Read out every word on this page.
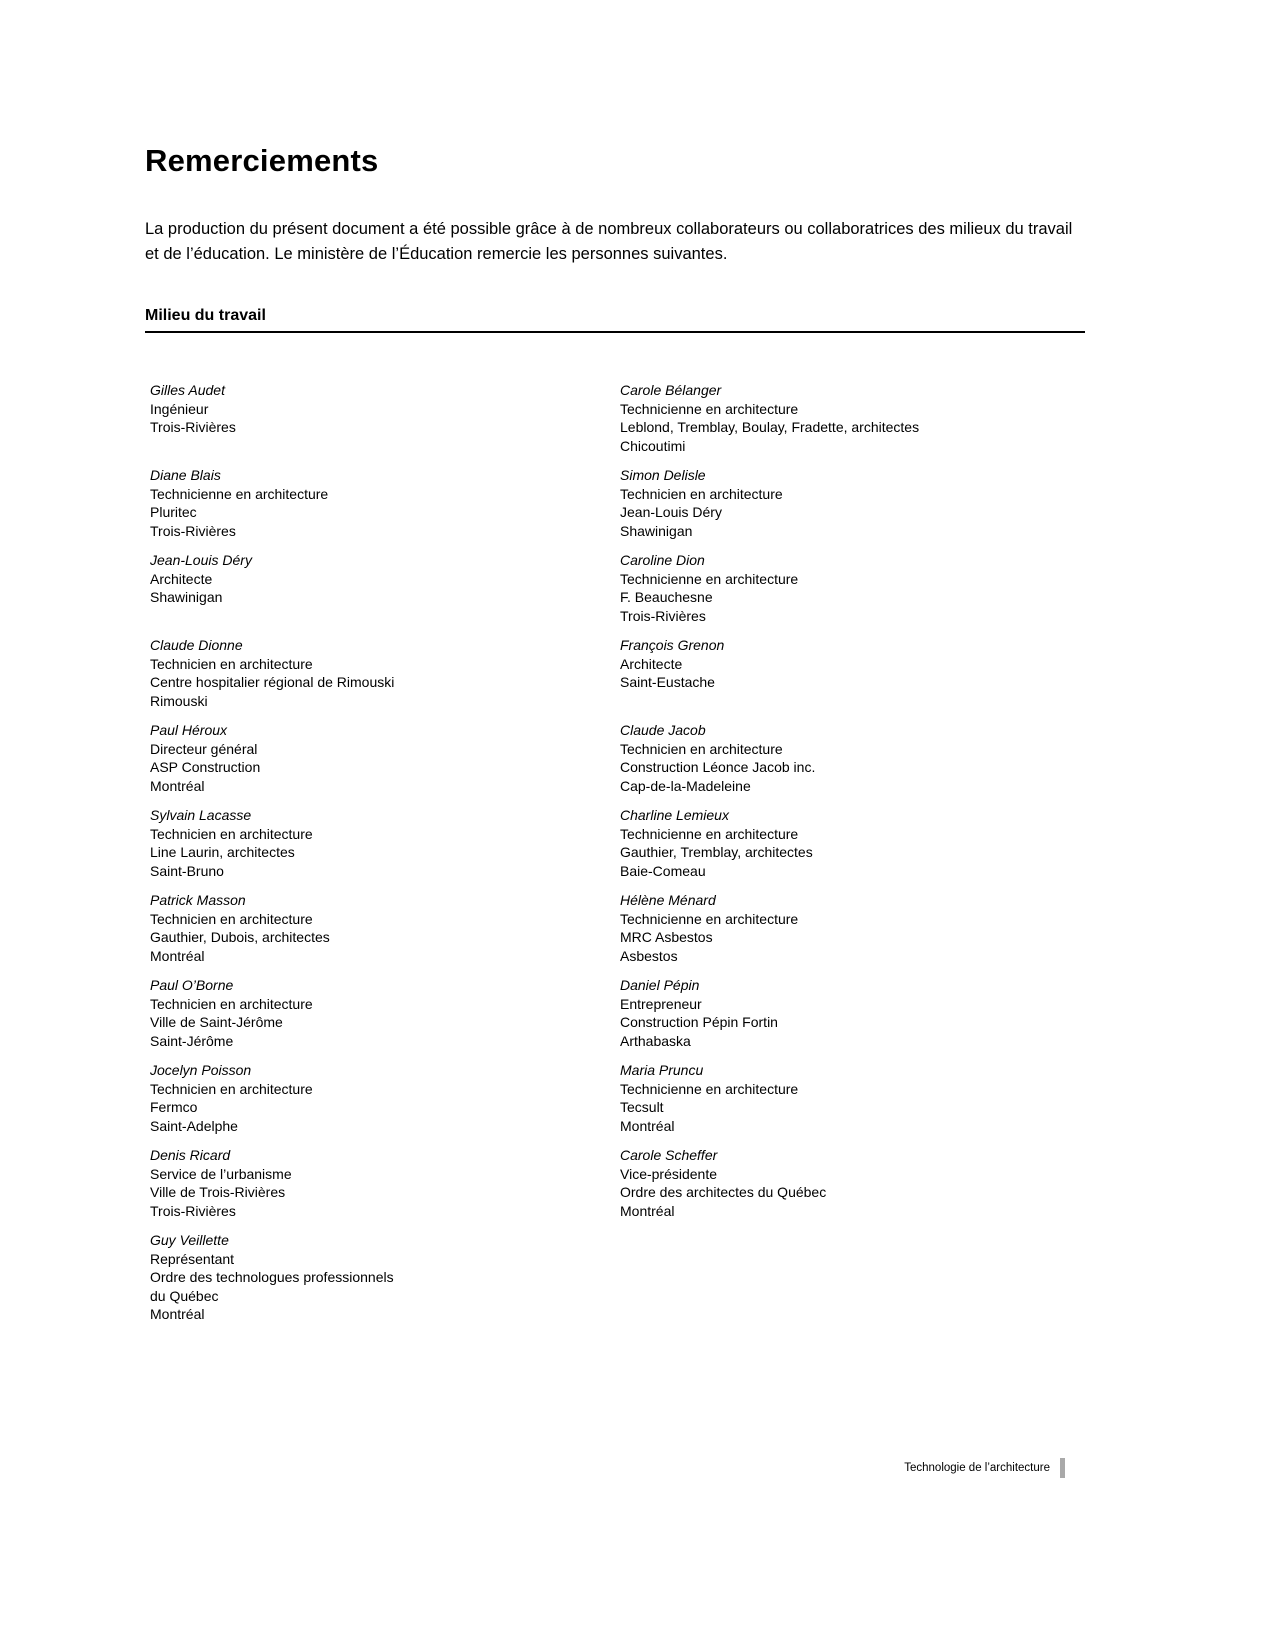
Remerciements

La production du présent document a été possible grâce à de nombreux collaborateurs ou collaboratrices des milieux du travail et de l’éducation. Le ministère de l’Éducation remercie les personnes suivantes.

Milieu du travail
Gilles Audet
Ingénieur
Trois-Rivières
Carole Bélanger
Technicienne en architecture
Leblond, Tremblay, Boulay, Fradette, architectes
Chicoutimi
Diane Blais
Technicienne en architecture
Pluritec
Trois-Rivières
Simon Delisle
Technicien en architecture
Jean-Louis Déry
Shawinigan
Jean-Louis Déry
Architecte
Shawinigan
Caroline Dion
Technicienne en architecture
F. Beauchesne
Trois-Rivières
Claude Dionne
Technicien en architecture
Centre hospitalier régional de Rimouski
Rimouski
François Grenon
Architecte
Saint-Eustache
Paul Héroux
Directeur général
ASP Construction
Montréal
Claude Jacob
Technicien en architecture
Construction Léonce Jacob inc.
Cap-de-la-Madeleine
Sylvain Lacasse
Technicien en architecture
Line Laurin, architectes
Saint-Bruno
Charline Lemieux
Technicienne en architecture
Gauthier, Tremblay, architectes
Baie-Comeau
Patrick Masson
Technicien en architecture
Gauthier, Dubois, architectes
Montréal
Hélène Ménard
Technicienne en architecture
MRC Asbestos
Asbestos
Paul O’Borne
Technicien en architecture
Ville de Saint-Jérôme
Saint-Jérôme
Daniel Pépin
Entrepreneur
Construction Pépin Fortin
Arthabaska
Jocelyn Poisson
Technicien en architecture
Fermco
Saint-Adelphe
Maria Pruncu
Technicienne en architecture
Tecsult
Montréal
Denis Ricard
Service de l’urbanisme
Ville de Trois-Rivières
Trois-Rivières
Carole Scheffer
Vice-présidente
Ordre des architectes du Québec
Montréal
Guy Veillette
Représentant
Ordre des technologues professionnels
du Québec
Montréal
Technologie de l’architecture
